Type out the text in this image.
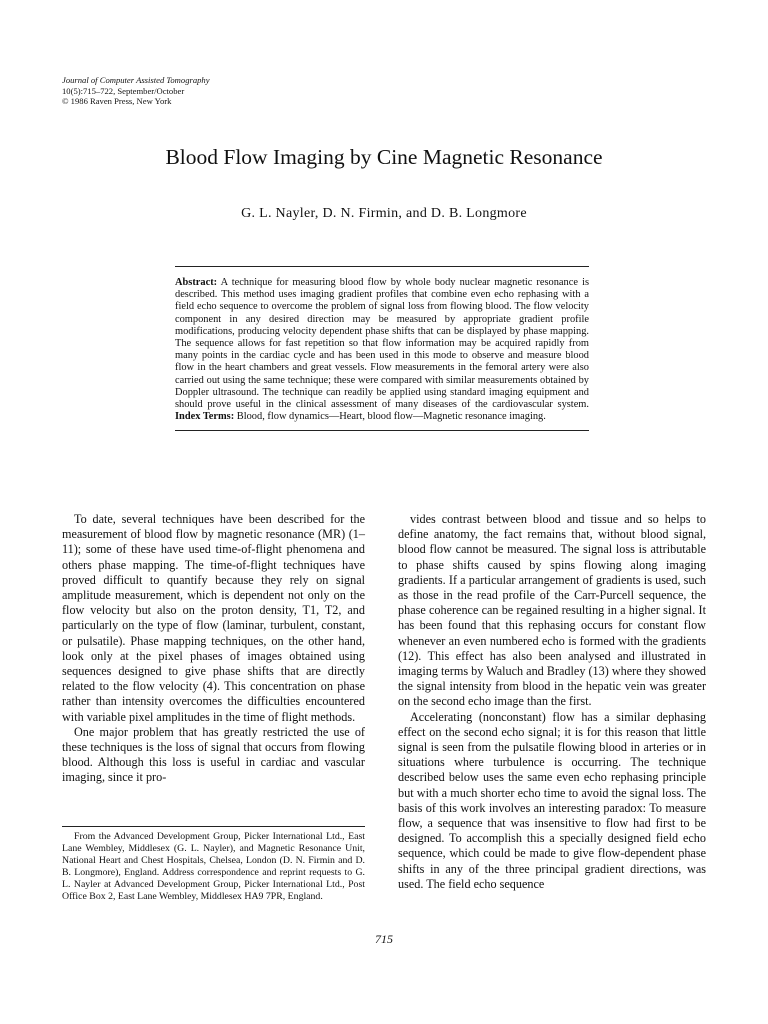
Journal of Computer Assisted Tomography
10(5):715–722, September/October
© 1986 Raven Press, New York
Blood Flow Imaging by Cine Magnetic Resonance
G. L. Nayler, D. N. Firmin, and D. B. Longmore
Abstract: A technique for measuring blood flow by whole body nuclear magnetic resonance is described. This method uses imaging gradient profiles that combine even echo rephasing with a field echo sequence to overcome the problem of signal loss from flowing blood. The flow velocity component in any desired direction may be measured by appropriate gradient profile modifications, producing velocity dependent phase shifts that can be displayed by phase mapping. The sequence allows for fast repetition so that flow information may be acquired rapidly from many points in the cardiac cycle and has been used in this mode to observe and measure blood flow in the heart chambers and great vessels. Flow measurements in the femoral artery were also carried out using the same technique; these were compared with similar measurements obtained by Doppler ultrasound. The technique can readily be applied using standard imaging equipment and should prove useful in the clinical assessment of many diseases of the cardiovascular system. Index Terms: Blood, flow dynamics—Heart, blood flow—Magnetic resonance imaging.

To date, several techniques have been described for the measurement of blood flow by magnetic resonance (MR) (1–11); some of these have used time-of-flight phenomena and others phase mapping. The time-of-flight techniques have proved difficult to quantify because they rely on signal amplitude measurement, which is dependent not only on the flow velocity but also on the proton density, T1, T2, and particularly on the type of flow (laminar, turbulent, constant, or pulsatile). Phase mapping techniques, on the other hand, look only at the pixel phases of images obtained using sequences designed to give phase shifts that are directly related to the flow velocity (4). This concentration on phase rather than intensity overcomes the difficulties encountered with variable pixel amplitudes in the time of flight methods.

One major problem that has greatly restricted the use of these techniques is the loss of signal that occurs from flowing blood. Although this loss is useful in cardiac and vascular imaging, since it pro-

vides contrast between blood and tissue and so helps to define anatomy, the fact remains that, without blood signal, blood flow cannot be measured. The signal loss is attributable to phase shifts caused by spins flowing along imaging gradients. If a particular arrangement of gradients is used, such as those in the read profile of the Carr-Purcell sequence, the phase coherence can be regained resulting in a higher signal. It has been found that this rephasing occurs for constant flow whenever an even numbered echo is formed with the gradients (12). This effect has also been analysed and illustrated in imaging terms by Waluch and Bradley (13) where they showed the signal intensity from blood in the hepatic vein was greater on the second echo image than the first.

Accelerating (nonconstant) flow has a similar dephasing effect on the second echo signal; it is for this reason that little signal is seen from the pulsatile flowing blood in arteries or in situations where turbulence is occurring. The technique described below uses the same even echo rephasing principle but with a much shorter echo time to avoid the signal loss. The basis of this work involves an interesting paradox: To measure flow, a sequence that was insensitive to flow had first to be designed. To accomplish this a specially designed field echo sequence, which could be made to give flow-dependent phase shifts in any of the three principal gradient directions, was used. The field echo sequence

From the Advanced Development Group, Picker International Ltd., East Lane Wembley, Middlesex (G. L. Nayler), and Magnetic Resonance Unit, National Heart and Chest Hospitals, Chelsea, London (D. N. Firmin and D. B. Longmore), England. Address correspondence and reprint requests to G. L. Nayler at Advanced Development Group, Picker International Ltd., Post Office Box 2, East Lane Wembley, Middlesex HA9 7PR, England.

715
